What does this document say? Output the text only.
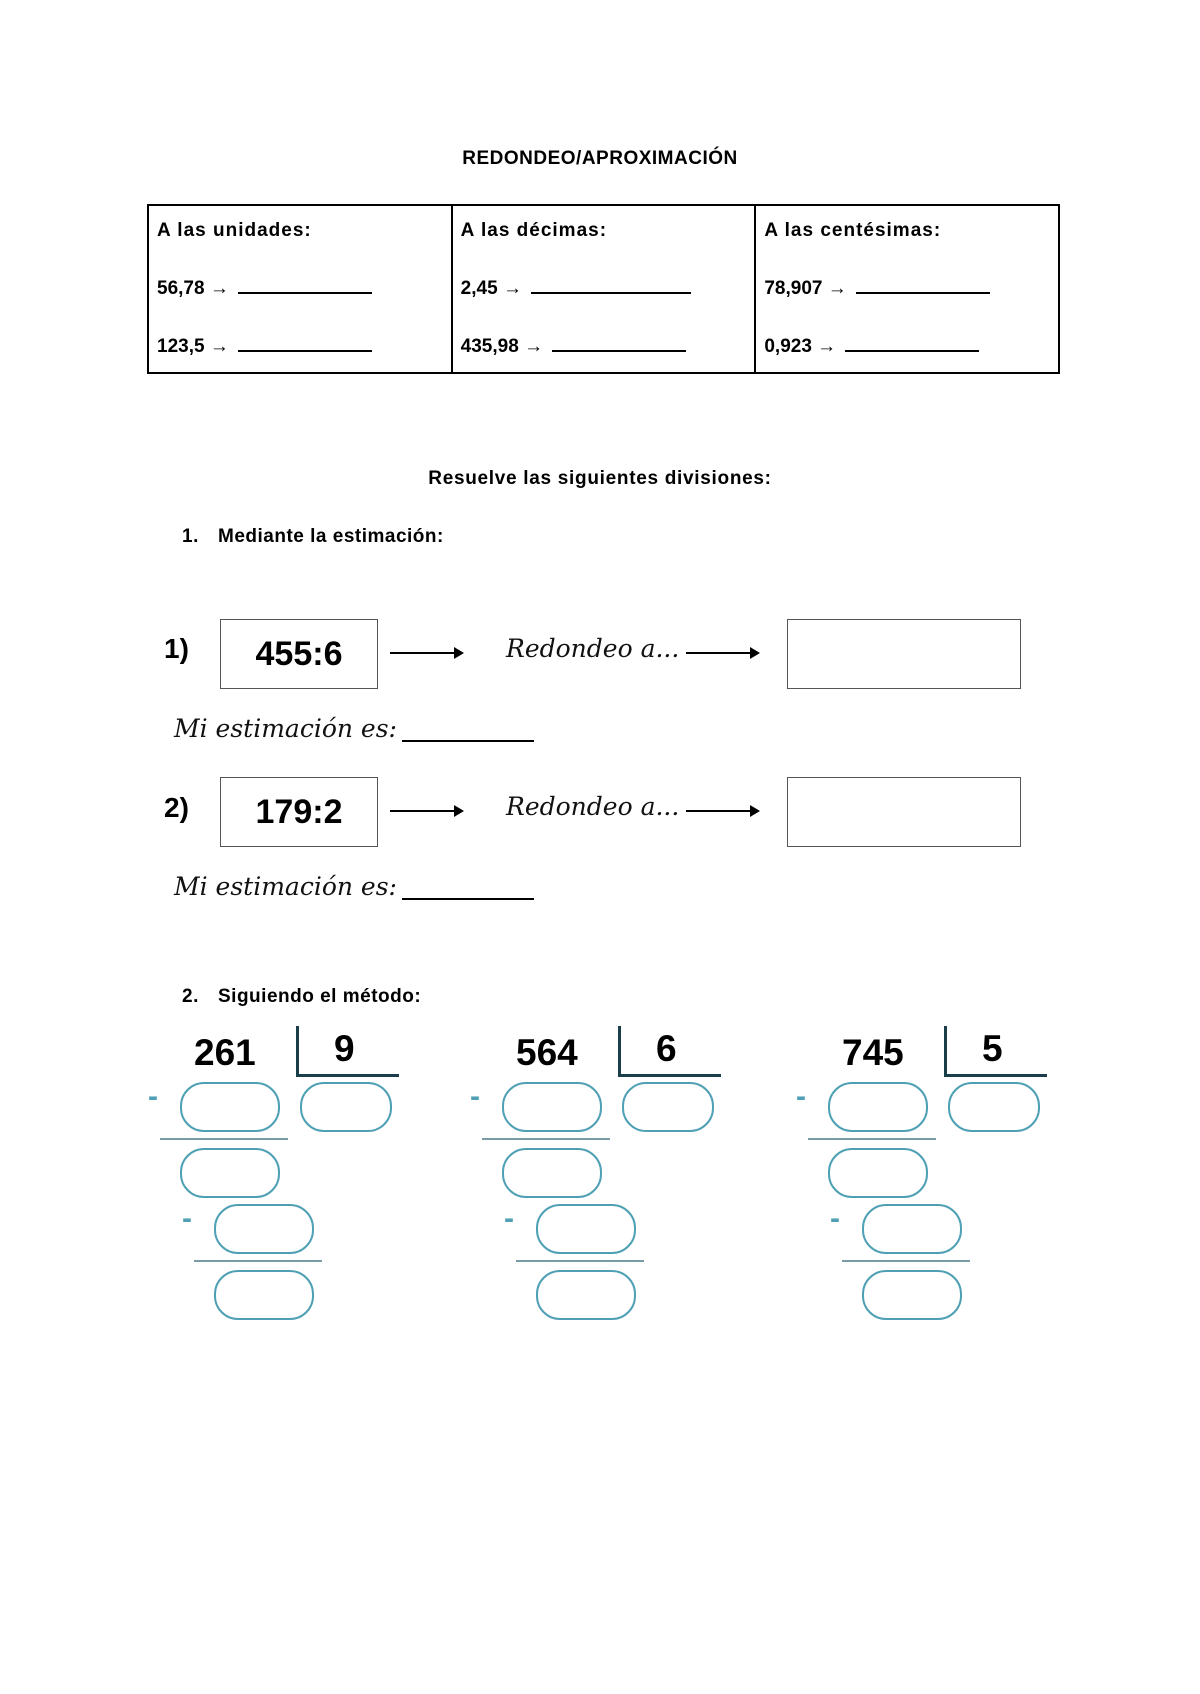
REDONDEO/APROXIMACIÓN
A las unidades:
56,78 →
123,5 →
A las décimas:
2,45 →
435,98 →
A las centésimas:
78,907 →
0,923 →
Resuelve las siguientes divisiones:
1. Mediante la estimación:
1)	455:6	Redondeo a...
Mi estimación es:
2)	179:2	Redondeo a...
Mi estimación es:
2. Siguiendo el método:
261 9
-
-
564 6
-
-
745 5
-
-
